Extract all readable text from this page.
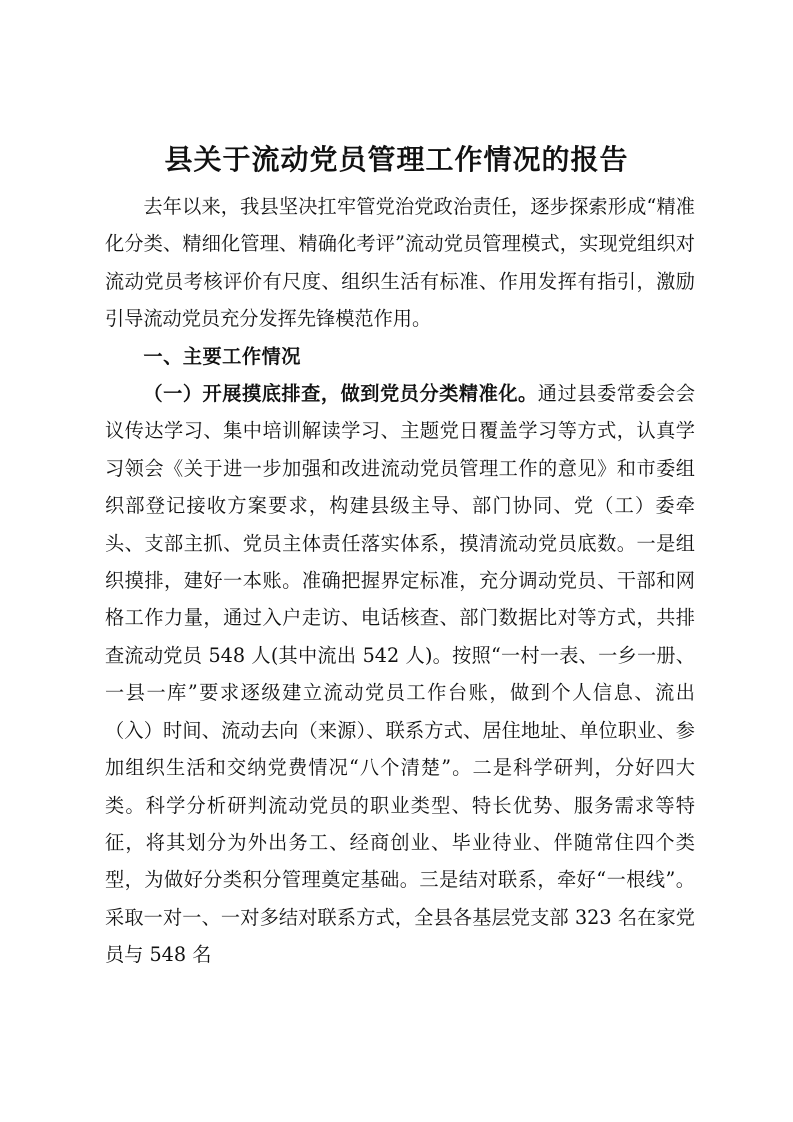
县关于流动党员管理工作情况的报告

去年以来，我县坚决扛牢管党治党政治责任，逐步探索形成“精准化分类、精细化管理、精确化考评”流动党员管理模式，实现党组织对流动党员考核评价有尺度、组织生活有标准、作用发挥有指引，激励引导流动党员充分发挥先锋模范作用。

一、主要工作情况

（一）开展摸底排查，做到党员分类精准化。通过县委常委会会议传达学习、集中培训解读学习、主题党日覆盖学习等方式，认真学习领会《关于进一步加强和改进流动党员管理工作的意见》和市委组织部登记接收方案要求，构建县级主导、部门协同、党（工）委牵头、支部主抓、党员主体责任落实体系，摸清流动党员底数。一是组织摸排，建好一本账。准确把握界定标准，充分调动党员、干部和网格工作力量，通过入户走访、电话核查、部门数据比对等方式，共排查流动党员 548 人(其中流出 542 人)。按照“一村一表、一乡一册、一县一库”要求逐级建立流动党员工作台账，做到个人信息、流出（入）时间、流动去向（来源）、联系方式、居住地址、单位职业、参加组织生活和交纳党费情况“八个清楚”。二是科学研判，分好四大类。科学分析研判流动党员的职业类型、特长优势、服务需求等特征，将其划分为外出务工、经商创业、毕业待业、伴随常住四个类型，为做好分类积分管理奠定基础。三是结对联系，牵好“一根线”。采取一对一、一对多结对联系方式，全县各基层党支部 323 名在家党员与 548 名
